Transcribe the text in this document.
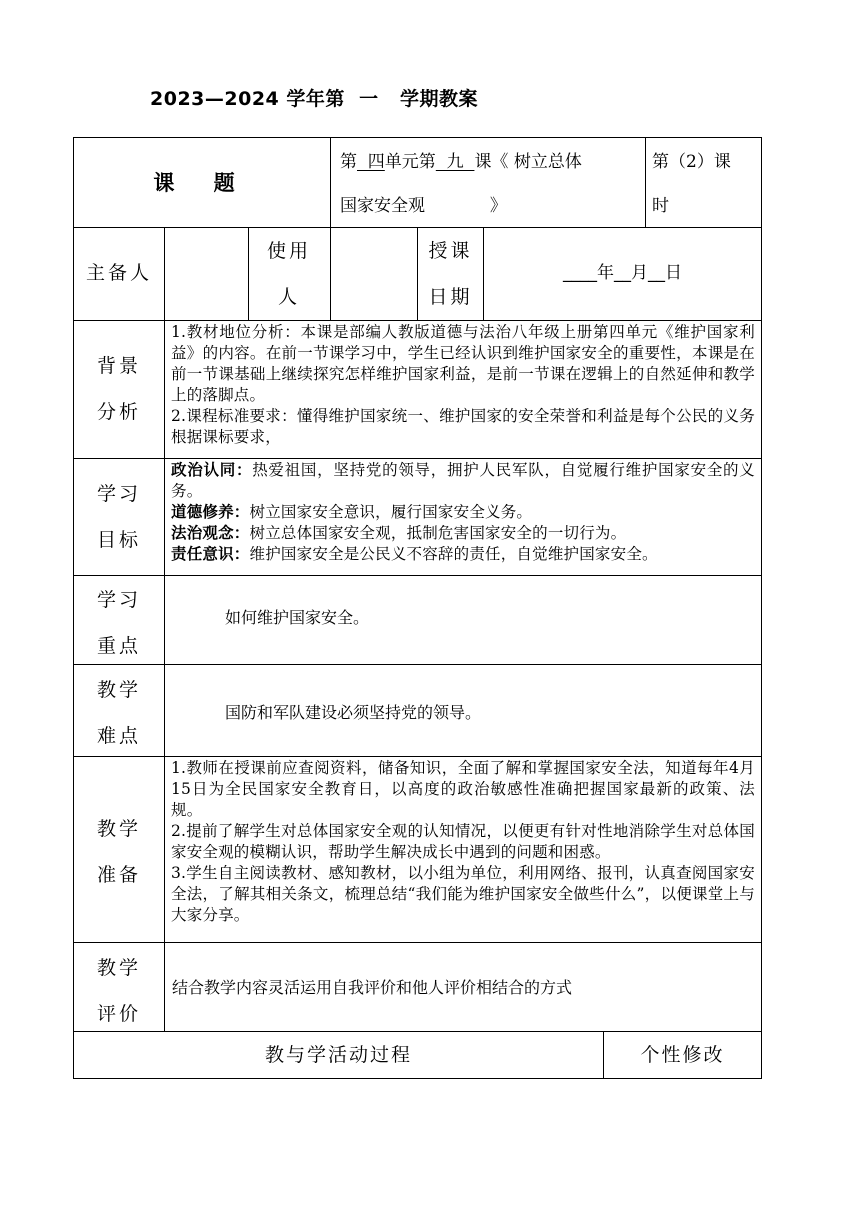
2023—2024 学年第  一   学期教案
课 题
第  四单元第  九  课《 树立总体
国家安全观            》
第（2）课
时
主备人
使用
人
授课
日期
____年__月__日
背景
分析
1.教材地位分析：本课是部编人教版道德与法治八年级上册第四单元《维护国家利益》的内容。在前一节课学习中，学生已经认识到维护国家安全的重要性，本课是在前一节课基础上继续探究怎样维护国家利益，是前一节课在逻辑上的自然延伸和教学上的落脚点。
2.课程标准要求：懂得维护国家统一、维护国家的安全荣誉和利益是每个公民的义务根据课标要求，
学习
目标
政治认同：热爱祖国，坚持党的领导，拥护人民军队，自觉履行维护国家安全的义务。
道德修养：树立国家安全意识，履行国家安全义务。
法治观念：树立总体国家安全观，抵制危害国家安全的一切行为。
责任意识：维护国家安全是公民义不容辞的责任，自觉维护国家安全。
学习
重点
如何维护国家安全。
教学
难点
国防和军队建设必须坚持党的领导。
教学
准备
1.教师在授课前应查阅资料，储备知识，全面了解和掌握国家安全法，知道每年4月15日为全民国家安全教育日，以高度的政治敏感性准确把握国家最新的政策、法规。
2.提前了解学生对总体国家安全观的认知情况，以便更有针对性地消除学生对总体国家安全观的模糊认识，帮助学生解决成长中遇到的问题和困惑。
3.学生自主阅读教材、感知教材，以小组为单位，利用网络、报刊，认真查阅国家安全法，了解其相关条文，梳理总结“我们能为维护国家安全做些什么”，以便课堂上与大家分享。
教学
评价
结合教学内容灵活运用自我评价和他人评价相结合的方式
教与学活动过程	个性修改
